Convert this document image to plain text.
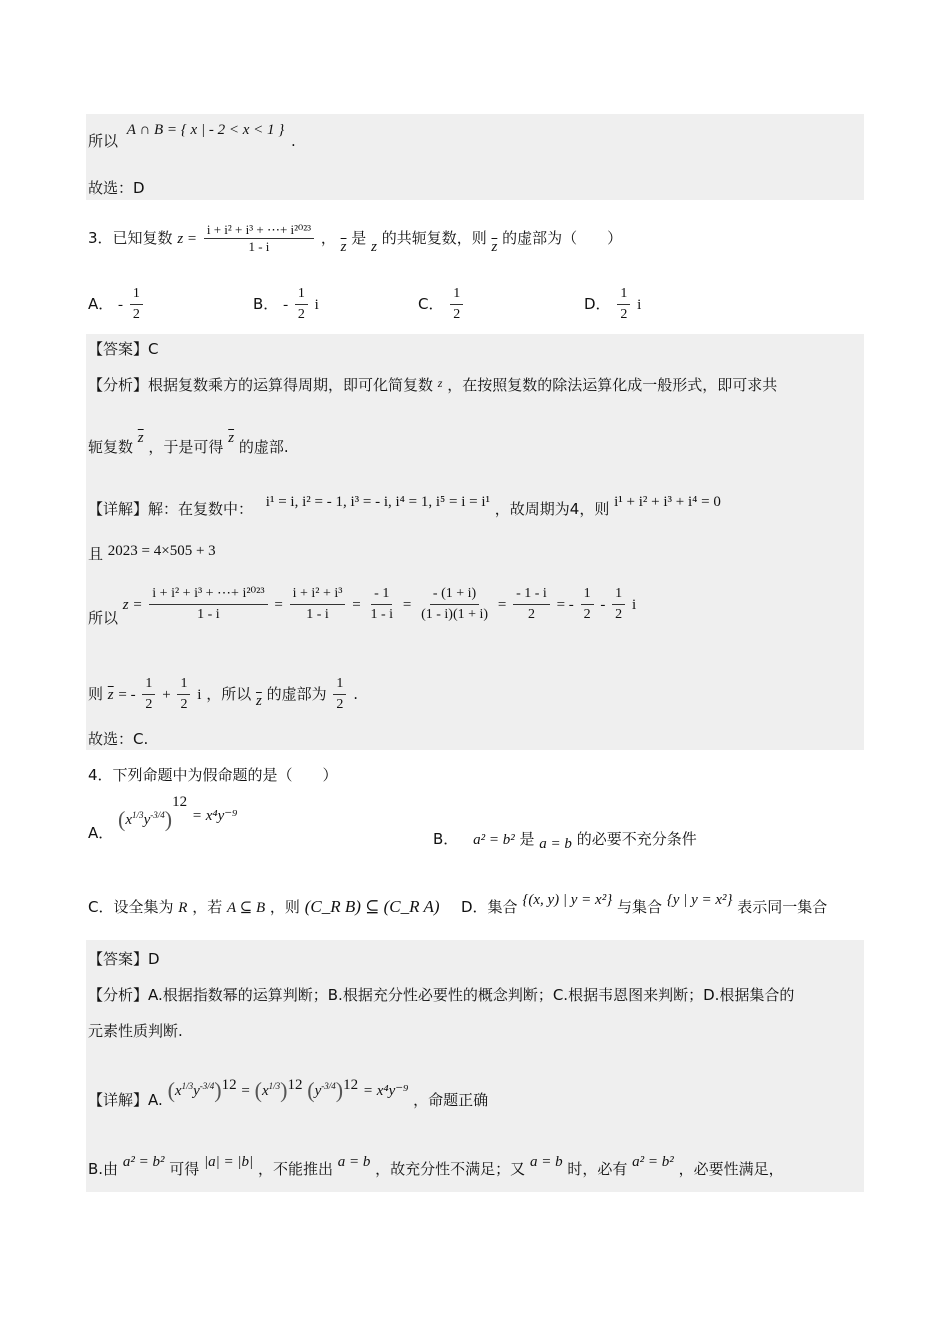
所以 A ∩ B = { x | - 2 < x < 1 } .
故选：D
3．已知复数 $z = \frac{\text{i + i² + i³ + ⋯+ i²⁰²³}}{1 - i}$ ， $\overline{z}$ 是 z 的共轭复数，则 $\overline{z}$ 的虚部为（　　）
A． - $\frac{1}{2}$	B． - $\frac{1}{2}$ i	C． $\frac{1}{2}$	D． $\frac{1}{2}$ i
【答案】C
【分析】根据复数乘方的运算得周期，即可化简复数 $^z$ ，在按照复数的除法运算化成一般形式，即可求共
轭复数 $\overline{z}$ ，于是可得 $\overline{z}$ 的虚部.
【详解】解：在复数中： i¹ = i, i² = - 1, i³ = - i, i⁴ = 1, i⁵ = i = i¹ ，故周期为4，则 i¹ + i² + i³ + i⁴ = 0
且 2023 = 4×505 + 3
所以 $z = \frac{\text{i + i² + i³ + ⋯+ i²⁰²³}}{1 - i} = \frac{\text{i + i² + i³}}{1 - i} = \frac{- 1}{1 - i} = \frac{- (1 + i)}{(1 - i)(1 + i)} = \frac{- 1 - i}{2}$ = - $\frac{1}{2} - \frac{1}{2}$ i
则 $\overline{z}$ = - $\frac{1}{2} + \frac{1}{2}$ i ，所以 $\overline{z}$ 的虚部为 $\frac{1}{2}$ .
故选：C.
4．下列命题中为假命题的是（　　）
A． $(x^{1/3}y^{-3/4})^{12} = x^4y^{-9}$
B． a² = b² 是 a = b 的必要不充分条件
C．设全集为 R ，若 A ⊆ B ，则 (C_R B) ⊆ (C_R A) D．集合 {(x, y) | y = x²} 与集合 {y | y = x²} 表示同一集合
【答案】D
【分析】A.根据指数幂的运算判断；B.根据充分性必要性的概念判断；C.根据韦恩图来判断；D.根据集合的
元素性质判断.
【详解】A. $(x^{1/3}y^{-3/4})^{12} = (x^{1/3})^{12}$ $(y^{-3/4})^{12} = x^4y^{-9}$ ，命题正确
B.由 a² = b² 可得 |a| = |b| ，不能推出 a = b ，故充分性不满足；又 a = b 时，必有 a² = b² ，必要性满足，
